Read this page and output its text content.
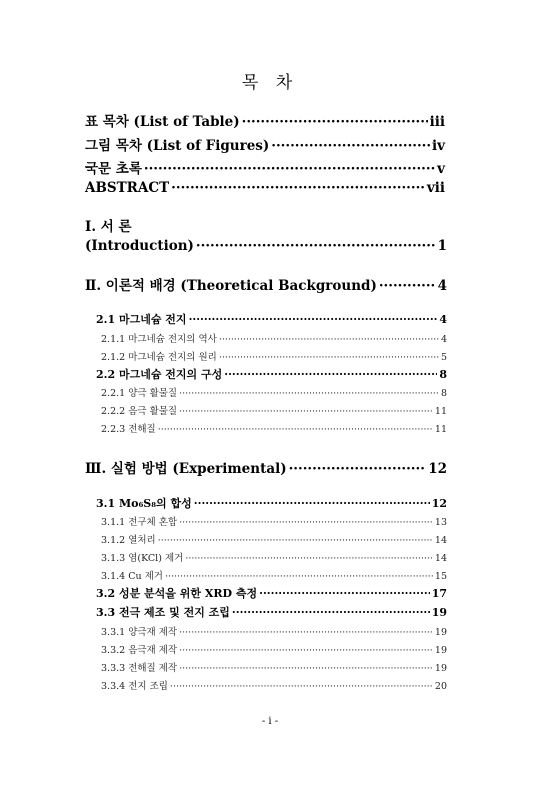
목 차
표 목차 (List of Table) ·····	ⅲ
그림 목차 (List of Figures) ·····	ⅳ
국문 초록 ·····	ⅴ
ABSTRACT ·····	ⅶ
Ⅰ. 서 론
(Introduction) ·····	1
Ⅱ. 이론적 배경 (Theoretical Background) ·····	4
2.1 마그네슘 전지 ·····	4
2.1.1 마그네슘 전지의 역사 ·····	4
2.1.2 마그네슘 전지의 원리 ·····	5
2.2 마그네슘 전지의 구성 ·····	8
2.2.1 양극 활물질 ·····	8
2.2.2 음극 활물질 ·····	11
2.2.3 전해질 ·····	11
Ⅲ. 실험 방법 (Experimental) ·····	12
3.1 Mo₆S₈의 합성 ·····	12
3.1.1 전구체 혼합 ·····	13
3.1.2 열처리 ·····	14
3.1.3 염(KCl) 제거 ·····	14
3.1.4 Cu 제거 ·····	15
3.2 성분 분석을 위한 XRD 측정 ·····	17
3.3 전극 제조 및 전지 조립 ·····	19
3.3.1 양극재 제작 ·····	19
3.3.2 음극재 제작 ·····	19
3.3.3 전해질 제작 ·····	19
3.3.4 전지 조립 ·····	20
- i -
